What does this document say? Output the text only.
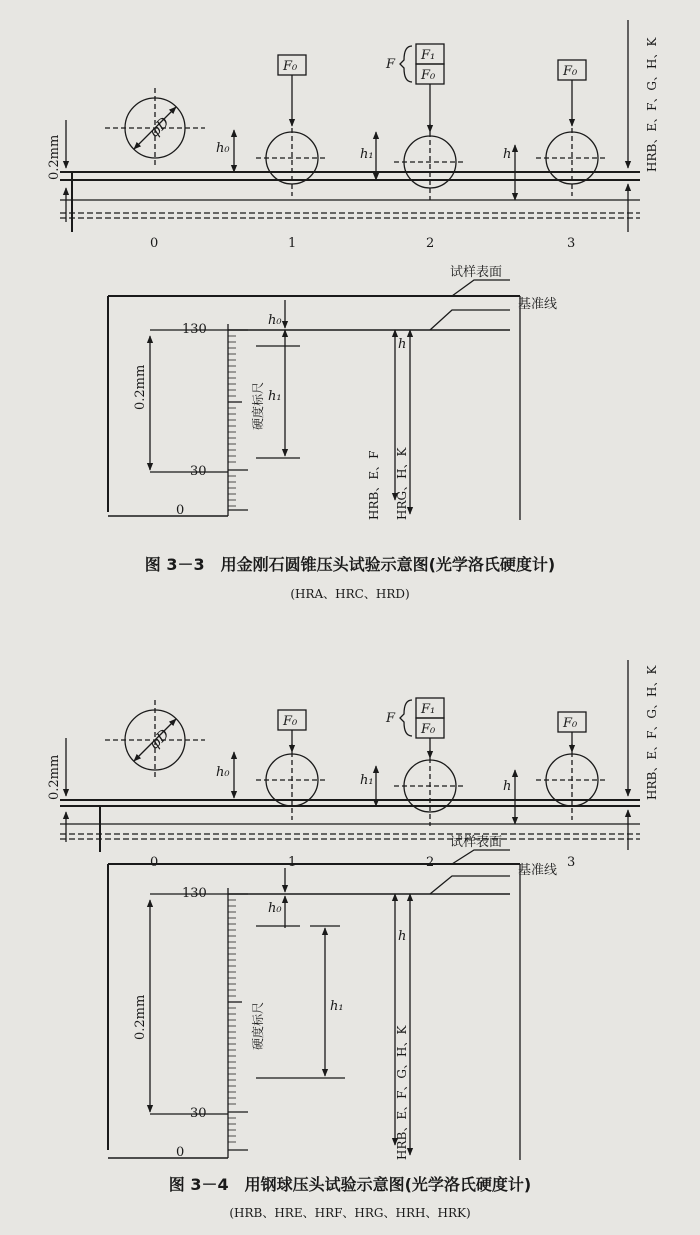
0.2mm
φD
F₀
F₁
F₀
F	F₀
h₀	h₁	h
0	1	2	3
HRB、E、F、G、H、K
试样表面
基准线
130
30
0
0.2mm	硬度标尺
h₀
h₁
h
HRB、E、F HRG、H、K
0.2mm
φD
F₀
F₁
F₀
F	F₀
h₀
h₁	h
0	1	2	3
HRB、E、F、G、H、K
试样表面
基准线
130
30
0
0.2mm	硬度标尺
h₀
h₁
h
HRB、E、F、G、H、K
图 3－3　用金刚石圆锥压头试验示意图(光学洛氏硬度计)
(HRA、HRC、HRD)
图 3－4　用钢球压头试验示意图(光学洛氏硬度计)
(HRB、HRE、HRF、HRG、HRH、HRK)
